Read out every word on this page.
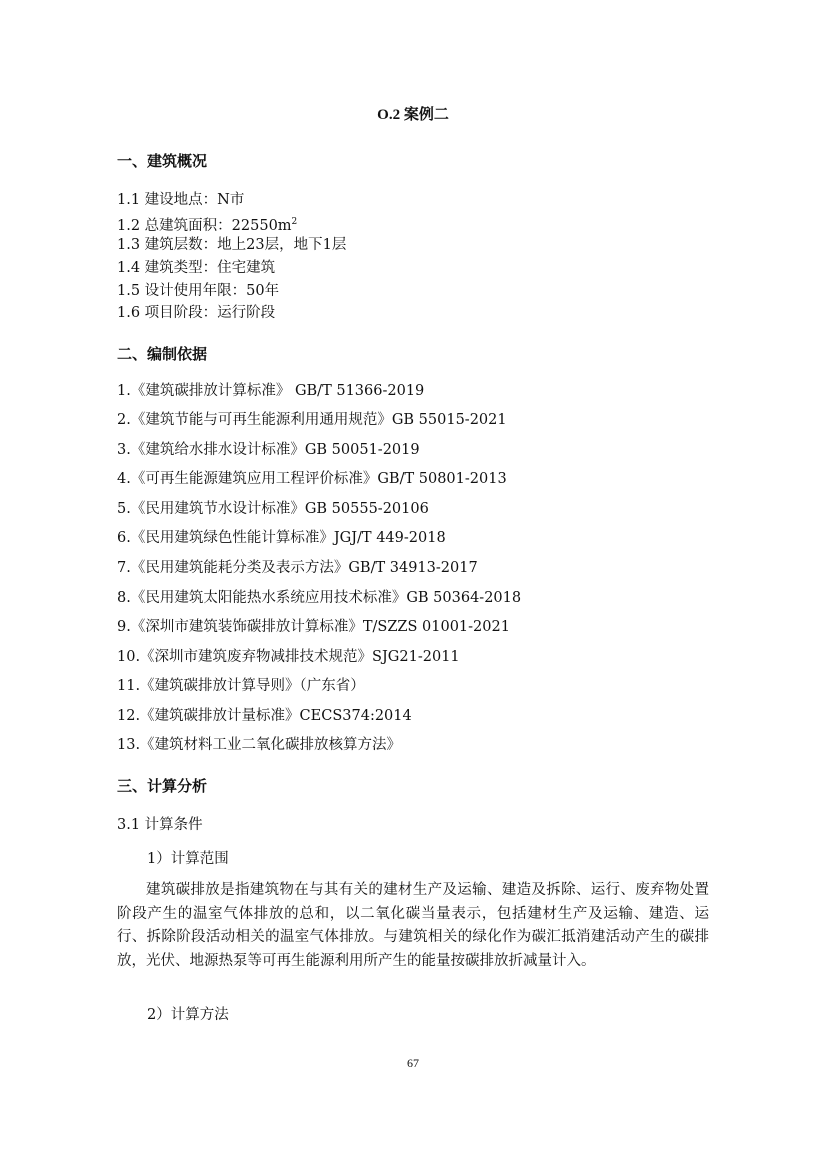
O.2 案例二
一、建筑概况
1.1 建设地点：N市
1.2 总建筑面积：$22550m^2$
1.3 建筑层数：地上23层，地下1层
1.4 建筑类型：住宅建筑
1.5 设计使用年限：50年
1.6 项目阶段：运行阶段
二、编制依据
1.《建筑碳排放计算标准》 GB/T 51366-2019
2.《建筑节能与可再生能源利用通用规范》GB 55015-2021
3.《建筑给水排水设计标准》GB 50051-2019
4.《可再生能源建筑应用工程评价标准》GB/T 50801-2013
5.《民用建筑节水设计标准》GB 50555-20106
6.《民用建筑绿色性能计算标准》JGJ/T 449-2018
7.《民用建筑能耗分类及表示方法》GB/T 34913-2017
8.《民用建筑太阳能热水系统应用技术标准》GB 50364-2018
9.《深圳市建筑装饰碳排放计算标准》T/SZZS 01001-2021
10.《深圳市建筑废弃物减排技术规范》SJG21-2011
11.《建筑碳排放计算导则》（广东省）
12.《建筑碳排放计量标准》CECS374:2014
13.《建筑材料工业二氧化碳排放核算方法》
三、计算分析
3.1 计算条件
1）计算范围
建筑碳排放是指建筑物在与其有关的建材生产及运输、建造及拆除、运行、废弃物处置阶段产生的温室气体排放的总和，以二氧化碳当量表示，包括建材生产及运输、建造、运行、拆除阶段活动相关的温室气体排放。与建筑相关的绿化作为碳汇抵消建活动产生的碳排放，光伏、地源热泵等可再生能源利用所产生的能量按碳排放折减量计入。
2）计算方法
67
